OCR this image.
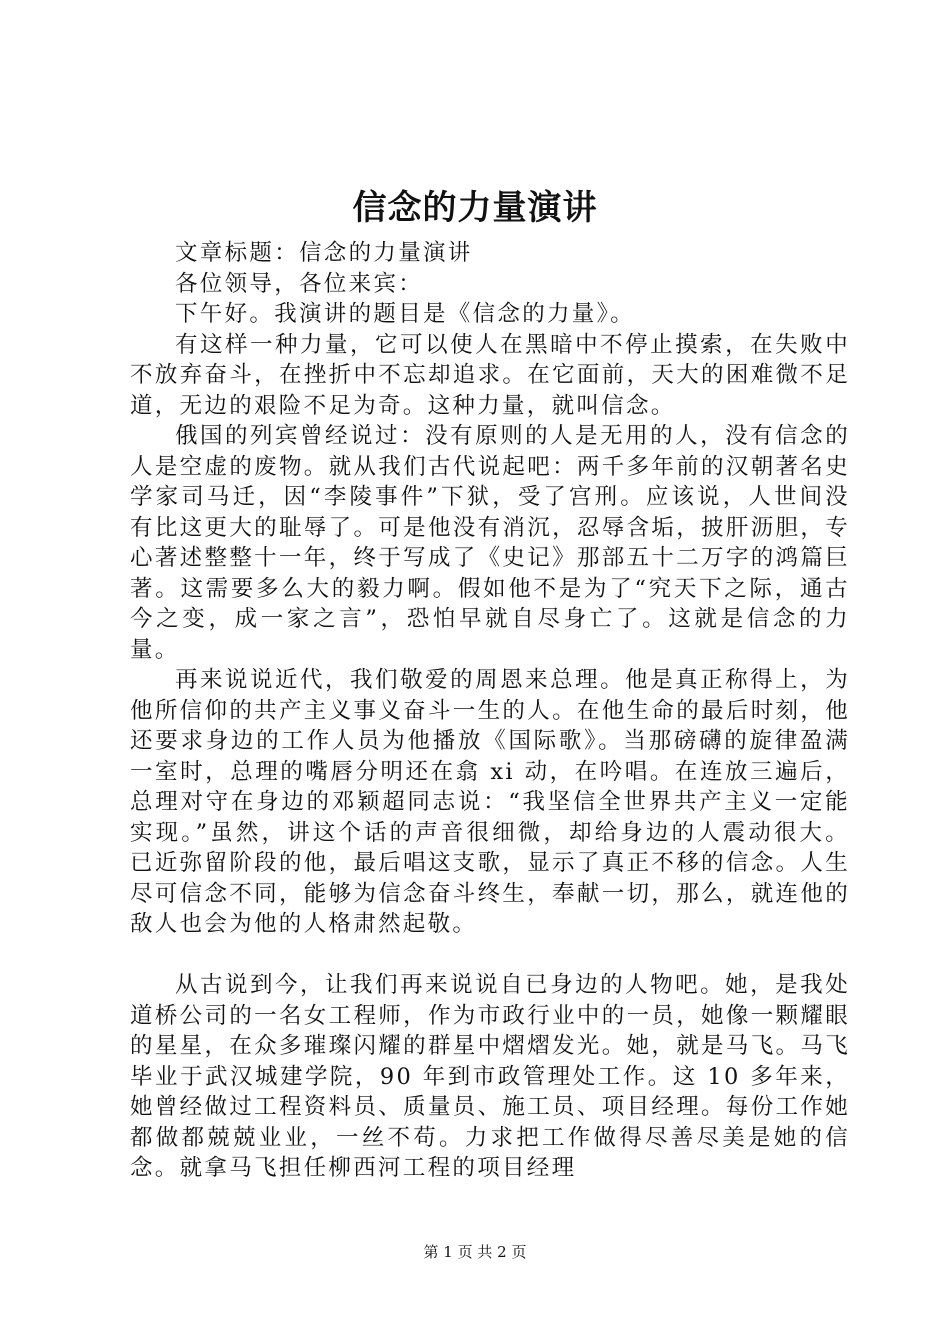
信念的力量演讲

文章标题：信念的力量演讲

各位领导，各位来宾：

下午好。我演讲的题目是《信念的力量》。

有这样一种力量，它可以使人在黑暗中不停止摸索，在失败中不放弃奋斗，在挫折中不忘却追求。在它面前，天大的困难微不足道，无边的艰险不足为奇。这种力量，就叫信念。

俄国的列宾曾经说过：没有原则的人是无用的人，没有信念的人是空虚的废物。就从我们古代说起吧：两千多年前的汉朝著名史学家司马迁，因“李陵事件”下狱，受了宫刑。应该说，人世间没有比这更大的耻辱了。可是他没有消沉，忍辱含垢，披肝沥胆，专心著述整整十一年，终于写成了《史记》那部五十二万字的鸿篇巨著。这需要多么大的毅力啊。假如他不是为了“究天下之际，通古今之变，成一家之言”，恐怕早就自尽身亡了。这就是信念的力量。

再来说说近代，我们敬爱的周恩来总理。他是真正称得上，为他所信仰的共产主义事义奋斗一生的人。在他生命的最后时刻，他还要求身边的工作人员为他播放《国际歌》。当那磅礴的旋律盈满一室时，总理的嘴唇分明还在翕 xi 动，在吟唱。在连放三遍后，总理对守在身边的邓颖超同志说：“我坚信全世界共产主义一定能实现。”虽然，讲这个话的声音很细微，却给身边的人震动很大。已近弥留阶段的他，最后唱这支歌，显示了真正不移的信念。人生尽可信念不同，能够为信念奋斗终生，奉献一切，那么，就连他的敌人也会为他的人格肃然起敬。

从古说到今，让我们再来说说自已身边的人物吧。她，是我处道桥公司的一名女工程师，作为市政行业中的一员，她像一颗耀眼的星星，在众多璀璨闪耀的群星中熠熠发光。她，就是马飞。马飞毕业于武汉城建学院，90 年到市政管理处工作。这 10 多年来，她曾经做过工程资料员、质量员、施工员、项目经理。每份工作她都做都兢兢业业，一丝不苟。力求把工作做得尽善尽美是她的信念。就拿马飞担任柳西河工程的项目经理

第 1 页 共 2 页
